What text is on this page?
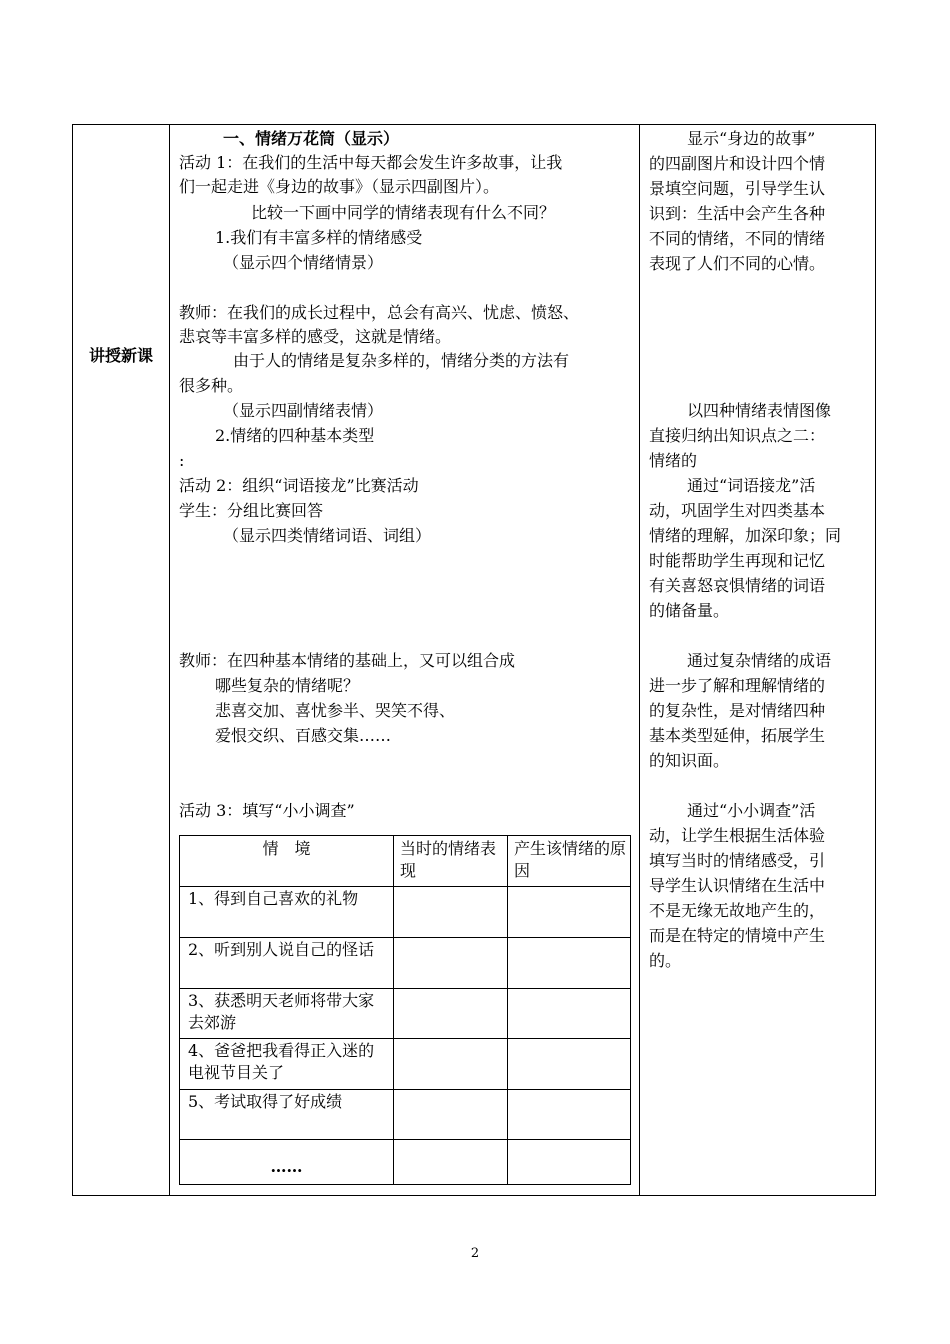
讲授新课
一、情绪万花筒（显示）
活动 1：在我们的生活中每天都会发生许多故事，让我
们一起走进《身边的故事》（显示四副图片）。
比较一下画中同学的情绪表现有什么不同？
1.我们有丰富多样的情绪感受
（显示四个情绪情景）
教师：在我们的成长过程中，总会有高兴、忧虑、愤怒、
悲哀等丰富多样的感受，这就是情绪。
由于人的情绪是复杂多样的，情绪分类的方法有
很多种。
（显示四副情绪表情）
2.情绪的四种基本类型
:
活动 2：组织“词语接龙”比赛活动
学生：分组比赛回答
（显示四类情绪词语、词组）
教师：在四种基本情绪的基础上，又可以组合成
哪些复杂的情绪呢？
悲喜交加、喜忧参半、哭笑不得、
爱恨交织、百感交集……
活动 3：填写“小小调查”
情　境	当时的情绪表现
产生该情绪的原因
1、得到自己喜欢的礼物
2、听到别人说自己的怪话
3、获悉明天老师将带大家去郊游
4、爸爸把我看得正入迷的电视节目关了
5、考试取得了好成绩
……
显示“身边的故事”
的四副图片和设计四个情
景填空问题，引导学生认
识到：生活中会产生各种
不同的情绪，不同的情绪
表现了人们不同的心情。
以四种情绪表情图像
直接归纳出知识点之二：
情绪的
通过“词语接龙”活
动，巩固学生对四类基本
情绪的理解，加深印象；同
时能帮助学生再现和记忆
有关喜怒哀惧情绪的词语
的储备量。
通过复杂情绪的成语
进一步了解和理解情绪的
的复杂性，是对情绪四种
基本类型延伸，拓展学生
的知识面。
通过“小小调查”活
动，让学生根据生活体验
填写当时的情绪感受，引
导学生认识情绪在生活中
不是无缘无故地产生的，
而是在特定的情境中产生
的。
2
